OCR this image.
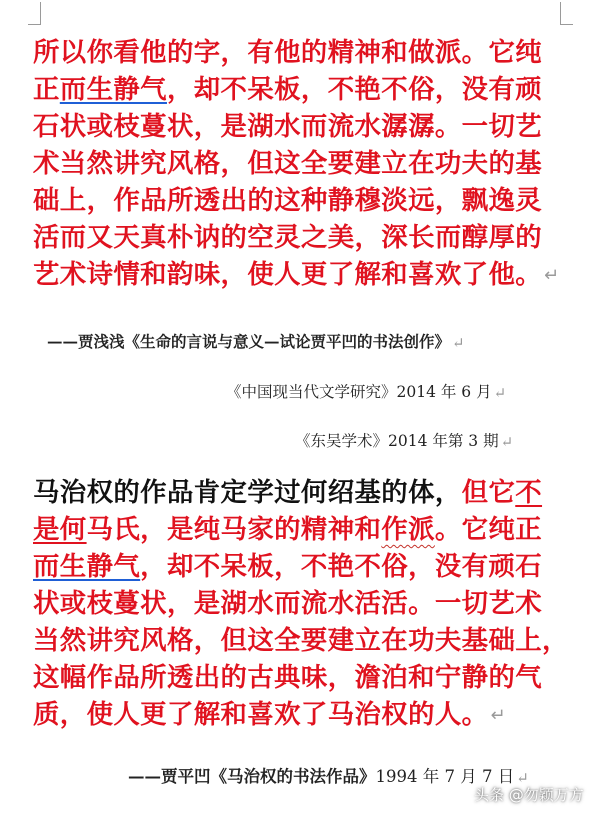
所以你看他的字，有他的精神和做派。它纯
正而生静气，却不呆板，不艳不俗，没有顽
石状或枝蔓状，是湖水而流水潺潺。一切艺
术当然讲究风格，但这全要建立在功夫的基
础上，作品所透出的这种静穆淡远，飘逸灵
活而又天真朴讷的空灵之美，深长而醇厚的
艺术诗情和韵味，使人更了解和喜欢了他。 ↵
——贾浅浅《生命的言说与意义—试论贾平凹的书法创作》 ↵
《中国现当代文学研究》2014 年 6 月 ↵
《东吴学术》2014 年第 3 期 ↵
马治权的作品肯定学过何绍基的体，但它不
是何马氏，是纯马家的精神和作派。它纯正
而生静气，却不呆板，不艳不俗，没有顽石
状或枝蔓状，是湖水而流水活活。一切艺术
当然讲究风格，但这全要建立在功夫基础上，
这幅作品所透出的古典味，澹泊和宁静的气
质，使人更了解和喜欢了马治权的人。 ↵
——贾平凹《马治权的书法作品》1994 年 7 月 7 日 ↵
头条 @勿颖万方
